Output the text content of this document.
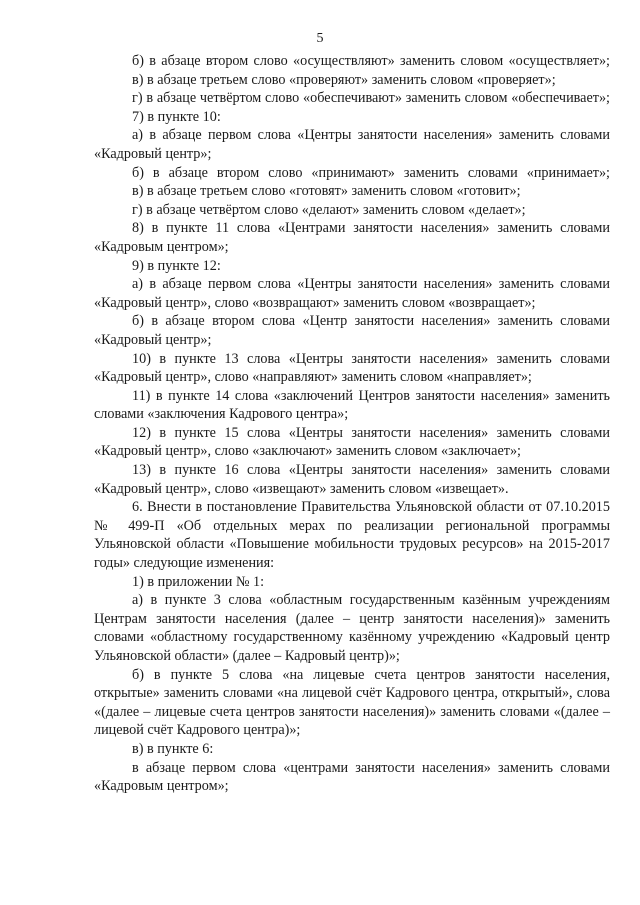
5

б) в абзаце втором слово «осуществляют» заменить словом «осуществляет»;

в) в абзаце третьем слово «проверяют» заменить словом «проверяет»;

г) в абзаце четвёртом слово «обеспечивают» заменить словом «обеспечивает»;

7) в пункте 10:

а) в абзаце первом слова «Центры занятости населения» заменить словами «Кадровый центр»;

б) в абзаце втором слово «принимают» заменить словами «принимает»;

в) в абзаце третьем слово «готовят» заменить словом «готовит»;

г) в абзаце четвёртом слово «делают» заменить словом «делает»;

8) в пункте 11 слова «Центрами занятости населения» заменить словами «Кадровым центром»;

9) в пункте 12:

а) в абзаце первом слова «Центры занятости населения» заменить словами «Кадровый центр», слово «возвращают» заменить словом «возвращает»;

б) в абзаце втором слова «Центр занятости населения» заменить словами «Кадровый центр»;

10) в пункте 13 слова «Центры занятости населения» заменить словами «Кадровый центр», слово «направляют» заменить словом «направляет»;

11) в пункте 14 слова «заключений Центров занятости населения» заменить словами «заключения Кадрового центра»;

12) в пункте 15 слова «Центры занятости населения» заменить словами «Кадровый центр», слово «заключают» заменить словом «заключает»;

13) в пункте 16 слова «Центры занятости населения» заменить словами «Кадровый центр», слово «извещают» заменить словом «извещает».

6. Внести в постановление Правительства Ульяновской области от 07.10.2015 № 499-П «Об отдельных мерах по реализации региональной программы Ульяновской области «Повышение мобильности трудовых ресурсов» на 2015-2017 годы» следующие изменения:

1) в приложении № 1:

а) в пункте 3 слова «областным государственным казённым учреждениям Центрам занятости населения (далее – центр занятости населения)» заменить словами «областному государственному казённому учреждению «Кадровый центр Ульяновской области» (далее – Кадровый центр)»;

б) в пункте 5 слова «на лицевые счета центров занятости населения, открытые» заменить словами «на лицевой счёт Кадрового центра, открытый», слова «(далее – лицевые счета центров занятости населения)» заменить словами «(далее – лицевой счёт Кадрового центра)»;

в) в пункте 6:

в абзаце первом слова «центрами занятости населения» заменить словами «Кадровым центром»;
